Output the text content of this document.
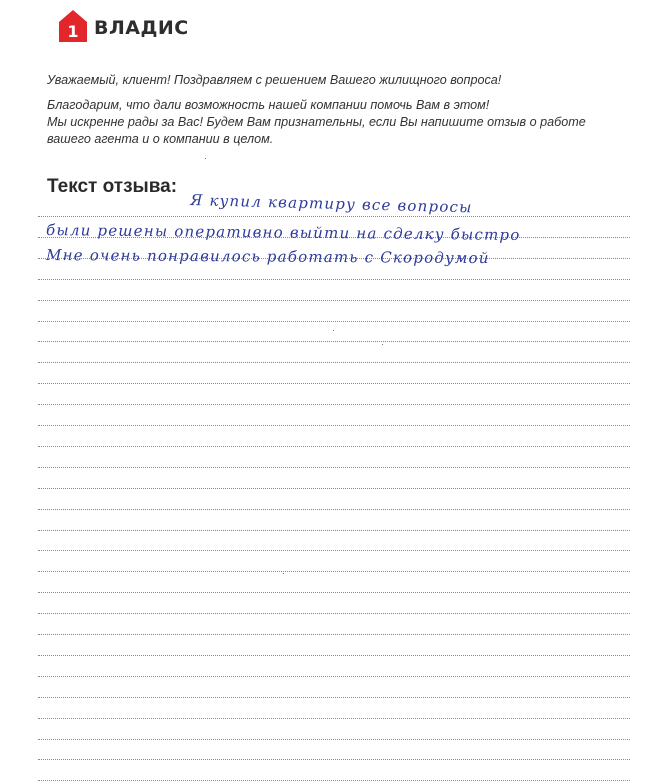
1 ВЛАДИС

Уважаемый, клиент! Поздравляем с решением Вашего жилищного вопроса!

Благодарим, что дали возможность нашей компании помочь Вам в этом!

Мы искренне рады за Вас! Будем Вам признательны, если Вы напишите отзыв о работе

вашего агента и о компании в целом.

Текст отзыва:
Я купил квартиру все вопросы
были решены оперативно выйти на сделку быстро
Мне очень понравилось работать с Скородумой
